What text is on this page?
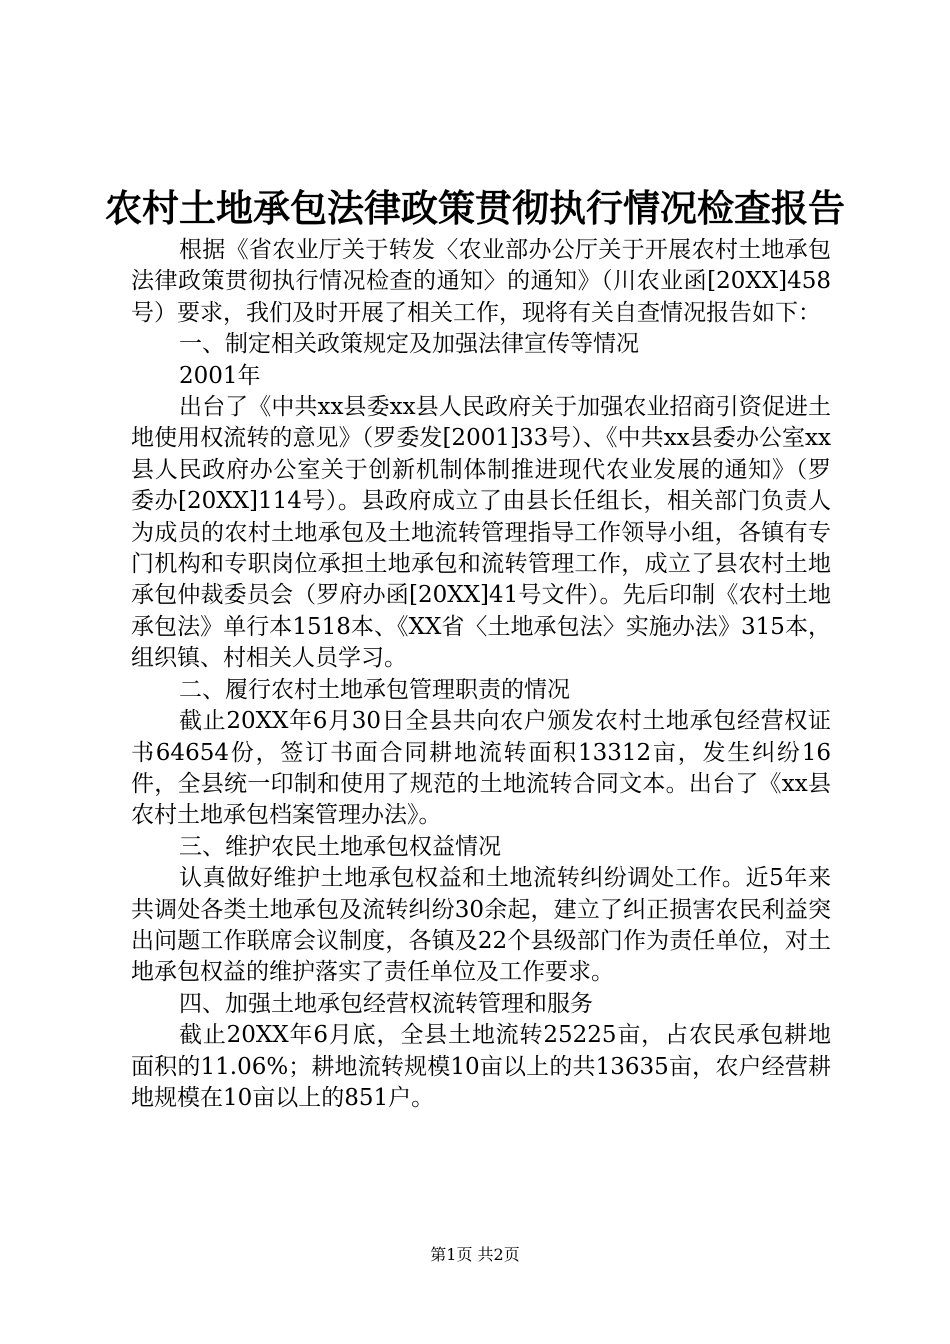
农村土地承包法律政策贯彻执行情况检查报告

根据《省农业厅关于转发〈农业部办公厅关于开展农村土地承包法律政策贯彻执行情况检查的通知〉的通知》（川农业函[20XX]458号）要求，我们及时开展了相关工作，现将有关自查情况报告如下：

一、制定相关政策规定及加强法律宣传等情况

2001年

出台了《中共xx县委xx县人民政府关于加强农业招商引资促进土地使用权流转的意见》（罗委发[2001]33号）、《中共xx县委办公室xx县人民政府办公室关于创新机制体制推进现代农业发展的通知》（罗委办[20XX]114号）。县政府成立了由县长任组长，相关部门负责人为成员的农村土地承包及土地流转管理指导工作领导小组，各镇有专门机构和专职岗位承担土地承包和流转管理工作，成立了县农村土地承包仲裁委员会（罗府办函[20XX]41号文件）。先后印制《农村土地承包法》单行本1518本、《XX省〈土地承包法〉实施办法》315本，组织镇、村相关人员学习。

二、履行农村土地承包管理职责的情况

截止20XX年6月30日全县共向农户颁发农村土地承包经营权证书64654份，签订书面合同耕地流转面积13312亩，发生纠纷16件，全县统一印制和使用了规范的土地流转合同文本。出台了《xx县农村土地承包档案管理办法》。

三、维护农民土地承包权益情况

认真做好维护土地承包权益和土地流转纠纷调处工作。近5年来共调处各类土地承包及流转纠纷30余起，建立了纠正损害农民利益突出问题工作联席会议制度，各镇及22个县级部门作为责任单位，对土地承包权益的维护落实了责任单位及工作要求。

四、加强土地承包经营权流转管理和服务

截止20XX年6月底，全县土地流转25225亩，占农民承包耕地面积的11.06%；耕地流转规模10亩以上的共13635亩，农户经营耕地规模在10亩以上的851户。

第1页 共2页
